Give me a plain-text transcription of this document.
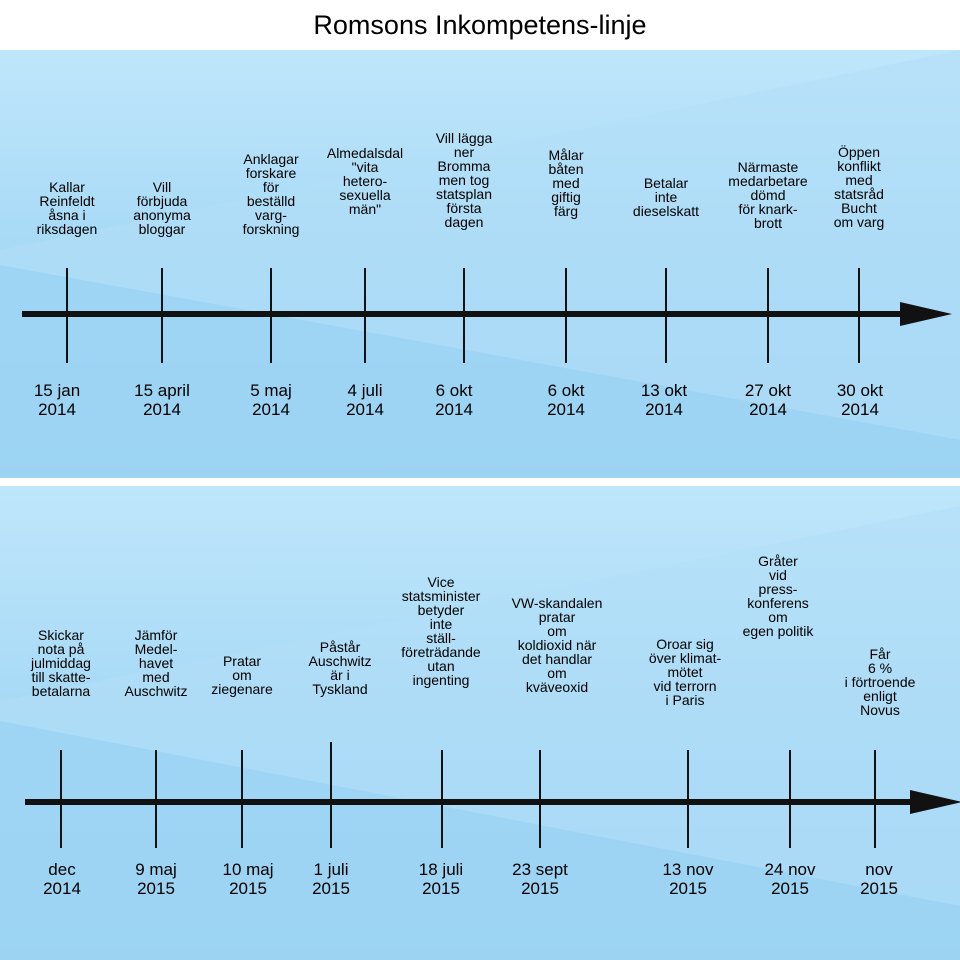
Romsons Inkompetens-linje
Kallar
Reinfeldt
åsna i
riksdagen
Vill
förbjuda
anonyma
bloggar
Anklagar
forskare
för
beställd
varg-
forskning
Almedalsdal
"vita
hetero-
sexuella
män"
Vill lägga
ner
Bromma
men tog
statsplan
första
dagen
Målar
båten
med
giftig
färg
Betalar
inte
dieselskatt
Närmaste
medarbetare
dömd
för knark-
brott
Öppen
konflikt
med
statsråd
Bucht
om varg
15 jan
2014
15 april
2014
5 maj
2014
4 juli
2014
6 okt
2014
6 okt
2014
13 okt
2014
27 okt
2014
30 okt
2014
Skickar
nota på
julmiddag
till skatte-
betalarna
Jämför
Medel-
havet
med
Auschwitz
Pratar
om
ziegenare
Påstår
Auschwitz
är i
Tyskland
Vice
statsminister
betyder
inte
ställ-
företrädande
utan
ingenting
VW-skandalen
pratar
om
koldioxid när
det handlar
om
kväveoxid
Oroar sig
över klimat-
mötet
vid terrorn
i Paris
Gråter
vid
press-
konferens
om
egen politik
Får
6 %
i förtroende
enligt
Novus
dec
2014
9 maj
2015
10 maj
2015
1 juli
2015
18 juli
2015
23 sept
2015
13 nov
2015
24 nov
2015
nov
2015
